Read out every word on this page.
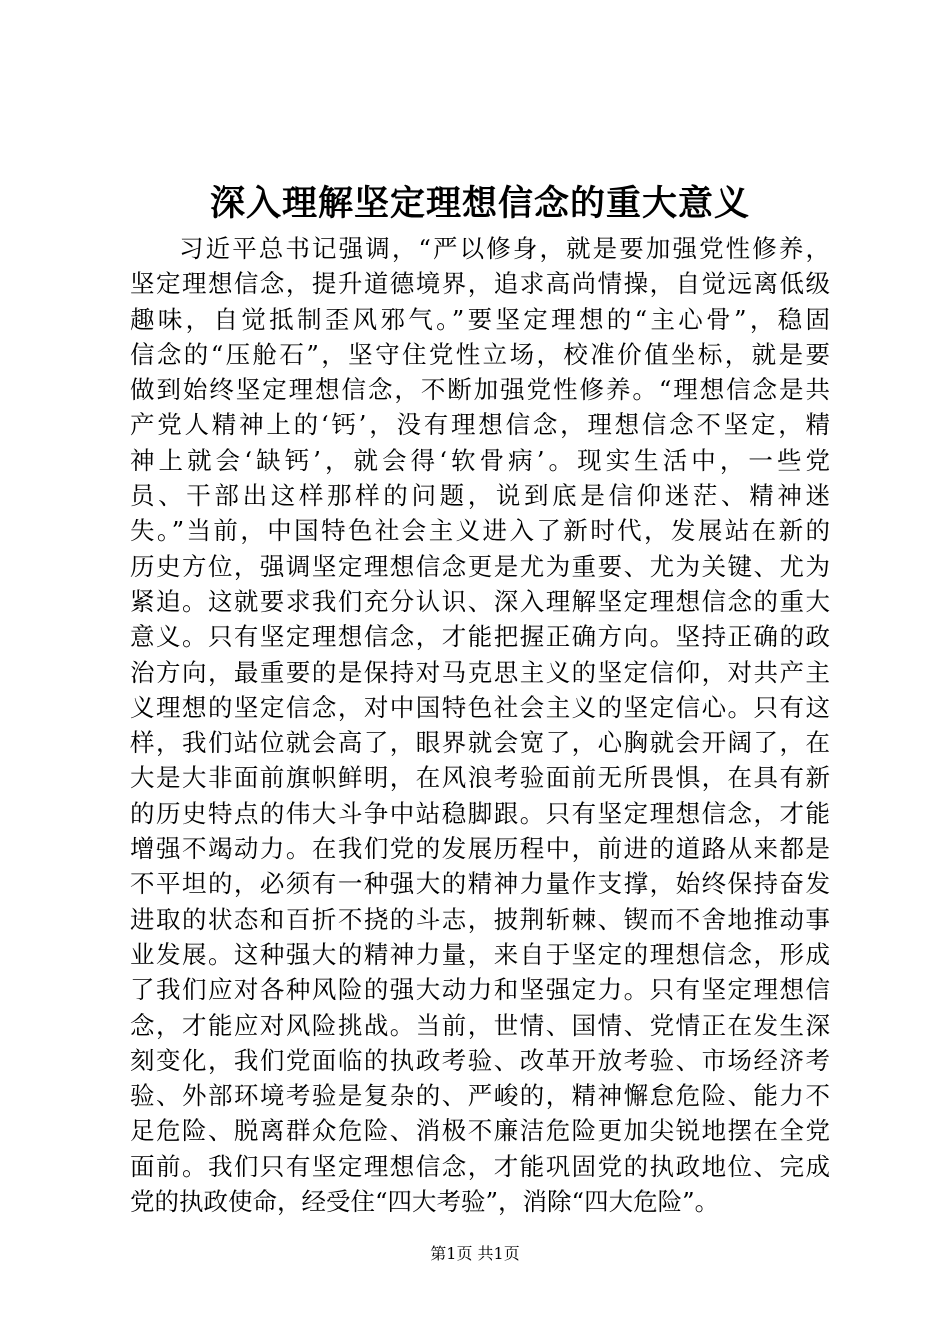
深入理解坚定理想信念的重大意义
习近平总书记强调，“严以修身，就是要加强党性修养，
坚定理想信念，提升道德境界，追求高尚情操，自觉远离低级
趣味，自觉抵制歪风邪气。”要坚定理想的“主心骨”，稳固
信念的“压舱石”，坚守住党性立场，校准价值坐标，就是要
做到始终坚定理想信念，不断加强党性修养。“理想信念是共
产党人精神上的‘钙’，没有理想信念，理想信念不坚定，精
神上就会‘缺钙’，就会得‘软骨病’。现实生活中，一些党
员、干部出这样那样的问题，说到底是信仰迷茫、精神迷
失。”当前，中国特色社会主义进入了新时代，发展站在新的
历史方位，强调坚定理想信念更是尤为重要、尤为关键、尤为
紧迫。这就要求我们充分认识、深入理解坚定理想信念的重大
意义。只有坚定理想信念，才能把握正确方向。坚持正确的政
治方向，最重要的是保持对马克思主义的坚定信仰，对共产主
义理想的坚定信念，对中国特色社会主义的坚定信心。只有这
样，我们站位就会高了，眼界就会宽了，心胸就会开阔了，在
大是大非面前旗帜鲜明，在风浪考验面前无所畏惧，在具有新
的历史特点的伟大斗争中站稳脚跟。只有坚定理想信念，才能
增强不竭动力。在我们党的发展历程中，前进的道路从来都是
不平坦的，必须有一种强大的精神力量作支撑，始终保持奋发
进取的状态和百折不挠的斗志，披荆斩棘、锲而不舍地推动事
业发展。这种强大的精神力量，来自于坚定的理想信念，形成
了我们应对各种风险的强大动力和坚强定力。只有坚定理想信
念，才能应对风险挑战。当前，世情、国情、党情正在发生深
刻变化，我们党面临的执政考验、改革开放考验、市场经济考
验、外部环境考验是复杂的、严峻的，精神懈怠危险、能力不
足危险、脱离群众危险、消极不廉洁危险更加尖锐地摆在全党
面前。我们只有坚定理想信念，才能巩固党的执政地位、完成
党的执政使命，经受住“四大考验”，消除“四大危险”。
第1页 共1页
